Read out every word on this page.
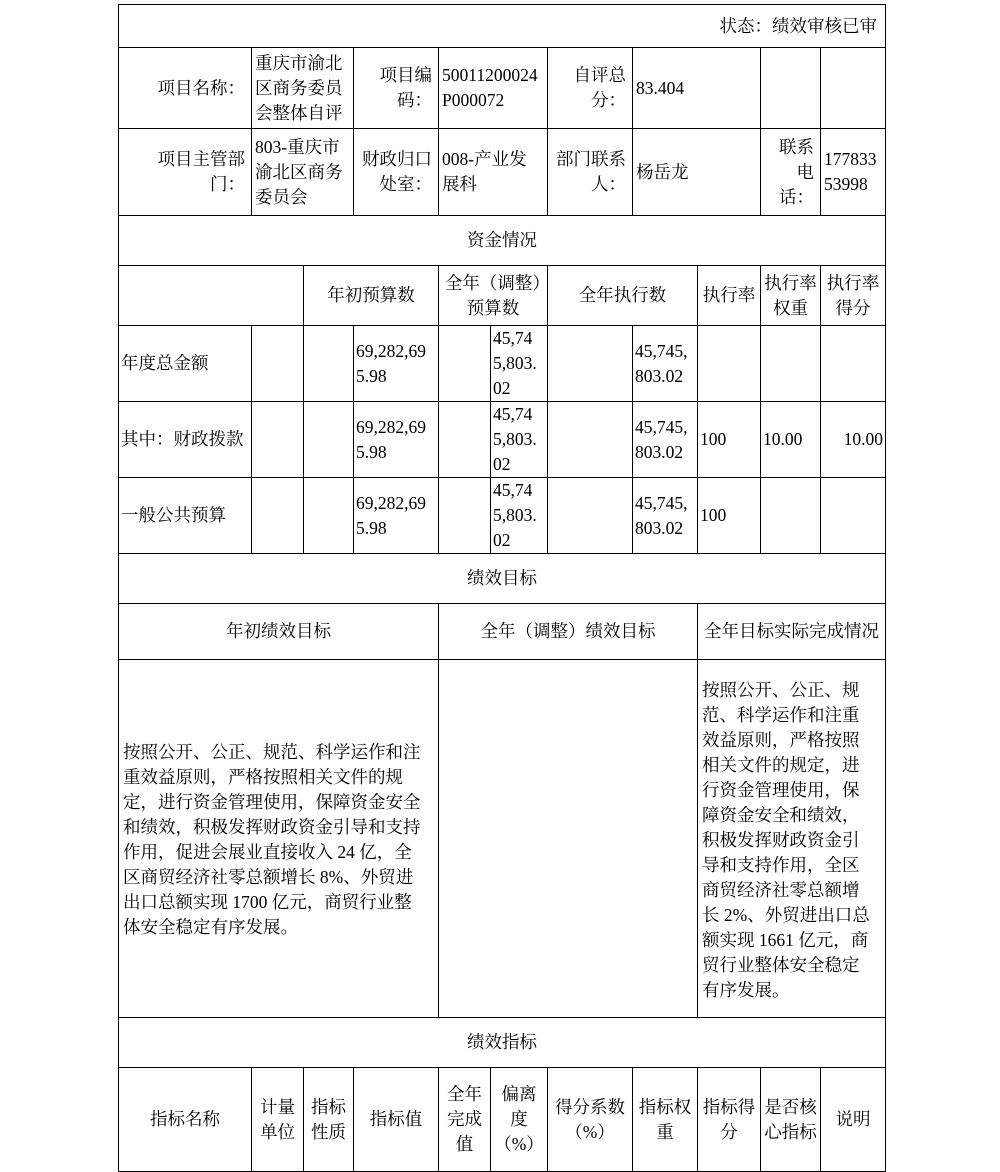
状态：绩效审核已审										
项目名称：	重庆市渝北区商务委员会整体自评		项目编码：	50011200024P000072		自评总分：	83.404			
项目主管部门：	803-重庆市渝北区商务委员会		财政归口处室：	008-产业发展科		部门联系人：	杨岳龙		联系电话：	17783353998
资金情况										
		年初预算数		全年（调整）预算数		全年执行数		执行率	执行率权重	执行率得分
年度总金额			69,282,695.98		45,745,803.02		45,745,803.02			
其中：财政拨款			69,282,695.98		45,745,803.02		45,745,803.02	100	10.00	10.00
一般公共预算			69,282,695.98		45,745,803.02		45,745,803.02	100		
绩效目标										
年初绩效目标				全年（调整）绩效目标				全年目标实际完成情况		
按照公开、公正、规范、科学运作和注重效益原则，严格按照相关文件的规定，进行资金管理使用，保障资金安全和绩效，积极发挥财政资金引导和支持作用，促进会展业直接收入 24 亿，全区商贸经济社零总额增长 8%、外贸进出口总额实现 1700 亿元，商贸行业整体安全稳定有序发展。								按照公开、公正、规范、科学运作和注重效益原则，严格按照相关文件的规定，进行资金管理使用，保障资金安全和绩效，积极发挥财政资金引导和支持作用，全区商贸经济社零总额增长 2%、外贸进出口总额实现 1661 亿元，商贸行业整体安全稳定有序发展。		
绩效指标										
指标名称	计量单位	指标性质	指标值	全年完成值	偏离度（%）	得分系数（%）	指标权重	指标得分	是否核心指标	说明
